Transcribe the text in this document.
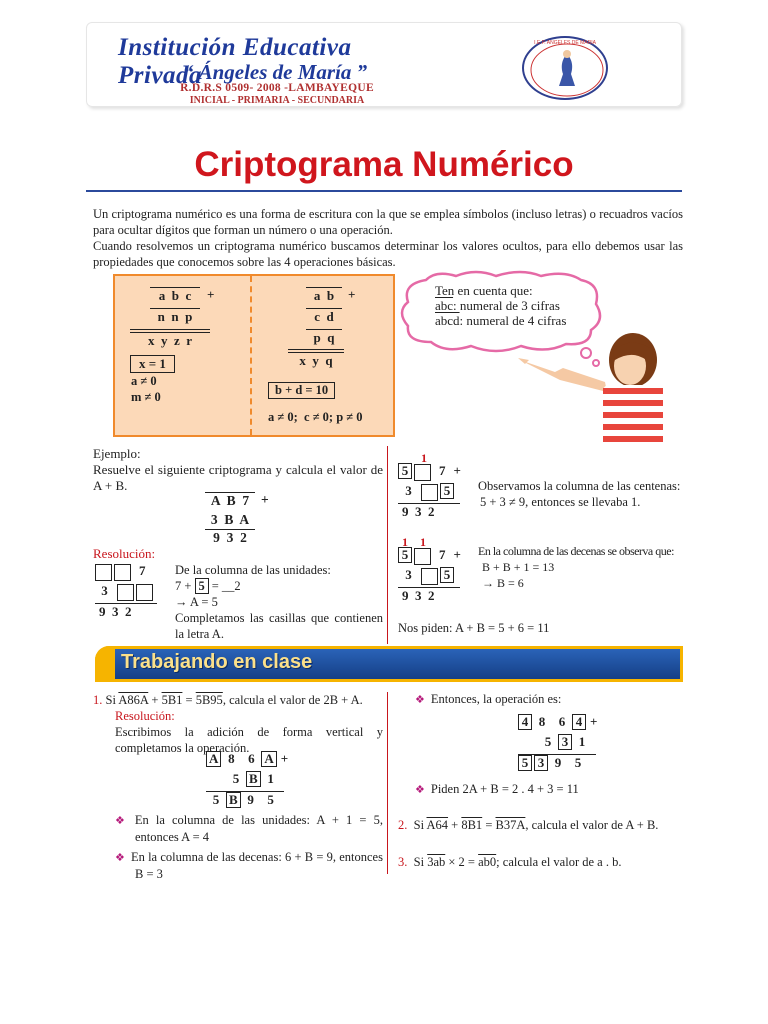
Institución Educativa Privada
“ Ángeles de María ”
R.D.R.S 0509- 2008 -LAMBAYEQUE
INICIAL - PRIMARIA - SECUNDARIA
I.E.P. ANGELES DE MARIA
Criptograma Numérico

Un criptograma numérico es una forma de escritura con la que se emplea símbolos (incluso letras) o recuadros vacíos para ocultar dígitos que forman un número o una operación.

Cuando resolvemos un criptograma numérico buscamos determinar los valores ocultos, para ello debemos usar las propiedades que conocemos sobre las 4 operaciones básicas.

a  b  c	+
n  n  p
x  y  z  r
x = 1
a ≠ 0
m ≠ 0
a  b	+
c  d
p  q
x  y  q
b + d = 10
a ≠ 0;  c ≠ 0; p ≠ 0
Ten en cuenta que:
$\overline{abc}$: numeral de 3 cifras
abcd: numeral de 4 cifras

Ejemplo:

Resuelve el siguiente criptograma y calcula el valor de A + B.

A  B  7 +
3  B  A
9  3  2
Resolución:
7
3
9  3  2

De la columna de las unidades:

7 + 5 = __2

→ A = 5

Completamos las casillas que contienen la letra A.

1
5 7 +
3 5
9  3  2

Observamos la columna de las centenas:

5 + 3 ≠ 9, entonces se llevaba 1.

1    1
5 7 +
3 5
9  3  2

En la columna de las decenas se observa que:

B + B + 1 = 13

→ B = 6

Nos piden: A + B = 5 + 6 = 11
Trabajando en clase

1. Si A86A + 5B1 = 5B95, calcula el valor de 2B + A.

Resolución:

Escribimos la adición de forma vertical y completamos la operación.

A 8 6 A +
5 B 1
5 B 9 5

❖ En la columna de las unidades: A + 1 = 5, entonces A = 4

❖ En la columna de las decenas: 6 + B = 9, entonces B = 3

❖ Entonces, la operación es:
4 8 6 4 +
5 3 1
5 3 9 5
❖ Piden 2A + B = 2 . 4 + 3 = 11
2. Si A64 + 8B1 = B37A, calcula el valor de A + B.
3. Si 3ab × 2 = ab0; calcula el valor de a . b.
